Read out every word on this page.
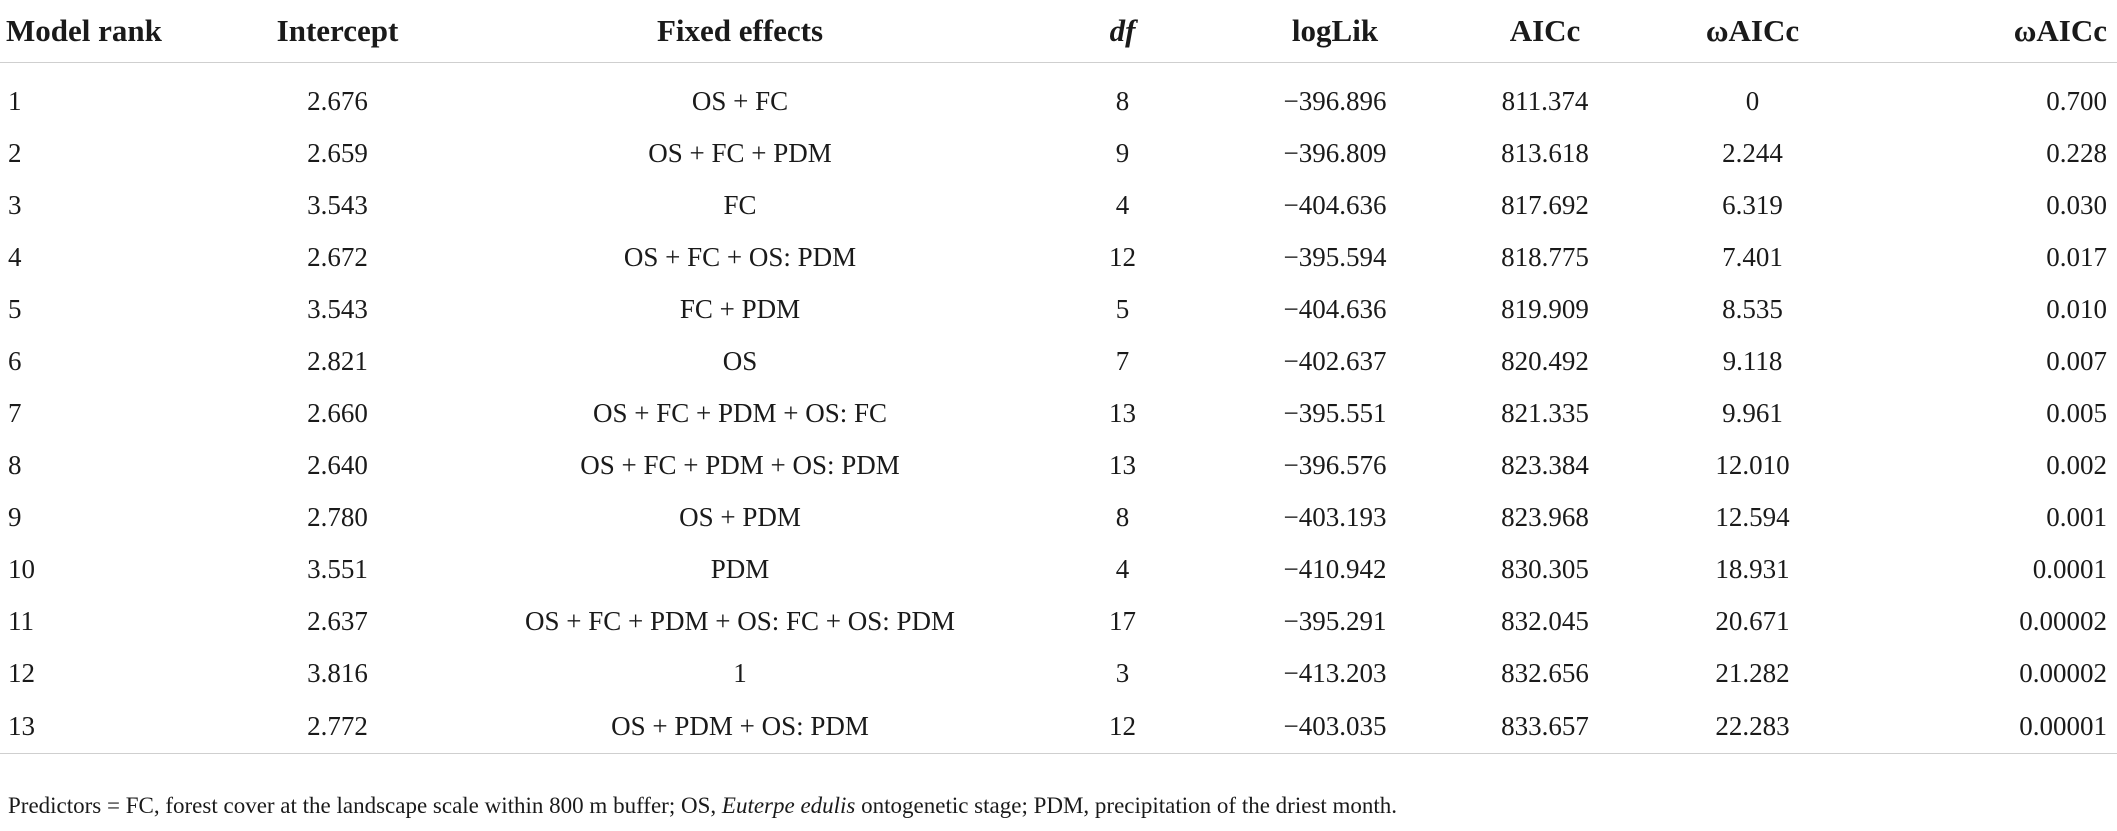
Model rank	Intercept	Fixed effects	df	logLik	AICc	ωAICc	ωAICc

1	2.676	OS + FC	8	−396.896	811.374	0	0.700
2	2.659	OS + FC + PDM	9	−396.809	813.618	2.244	0.228
3	3.543	FC	4	−404.636	817.692	6.319	0.030
4	2.672	OS + FC + OS: PDM	12	−395.594	818.775	7.401	0.017
5	3.543	FC + PDM	5	−404.636	819.909	8.535	0.010
6	2.821	OS	7	−402.637	820.492	9.118	0.007
7	2.660	OS + FC + PDM + OS: FC	13	−395.551	821.335	9.961	0.005
8	2.640	OS + FC + PDM + OS: PDM	13	−396.576	823.384	12.010	0.002
9	2.780	OS + PDM	8	−403.193	823.968	12.594	0.001
10	3.551	PDM	4	−410.942	830.305	18.931	0.0001
11	2.637	OS + FC + PDM + OS: FC + OS: PDM	17	−395.291	832.045	20.671	0.00002
12	3.816	1	3	−413.203	832.656	21.282	0.00002
13	2.772	OS + PDM + OS: PDM	12	−403.035	833.657	22.283	0.00001
Predictors = FC, forest cover at the landscape scale within 800 m buffer; OS, Euterpe edulis ontogenetic stage; PDM, precipitation of the driest month.
